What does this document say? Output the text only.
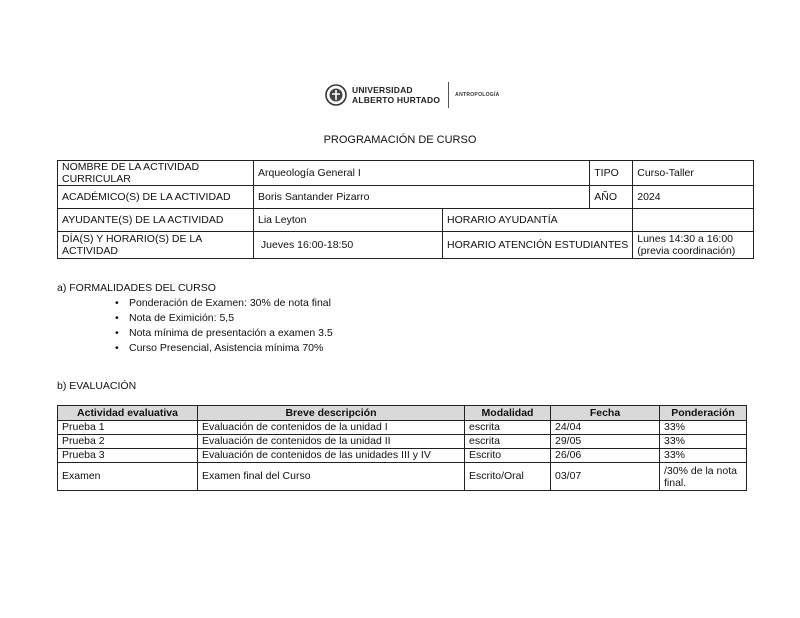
UNIVERSIDAD
ALBERTO HURTADO	ANTROPOLOGÍA
PROGRAMACIÓN DE CURSO
NOMBRE DE LA ACTIVIDAD CURRICULAR	Arqueología General I		TIPO	Curso-Taller
ACADÉMICO(S) DE LA ACTIVIDAD	Boris Santander Pizarro		AÑO	2024
AYUDANTE(S) DE LA ACTIVIDAD	Lia Leyton	HORARIO AYUDANTÍA		
DÍA(S) Y HORARIO(S) DE LA ACTIVIDAD	Jueves 16:00-18:50	HORARIO ATENCIÓN ESTUDIANTES		Lunes 14:30 a 16:00
(previa coordinación)
a) FORMALIDADES DEL CURSO
• Ponderación de Examen: 30% de nota final
• Nota de Eximición: 5,5
• Nota mínima de presentación a examen 3.5
• Curso Presencial, Asistencia mínima 70%
b) EVALUACIÓN
Actividad evaluativa	Breve descripción	Modalidad	Fecha	Ponderación
Prueba 1	Evaluación de contenidos de la unidad I	escrita	24/04	33%
Prueba 2	Evaluación de contenidos de la unidad II	escrita	29/05	33%
Prueba 3	Evaluación de contenidos de las unidades III y IV	Escrito	26/06	33%
Examen	Examen final del Curso	Escrito/Oral	03/07	/30% de la nota final.
